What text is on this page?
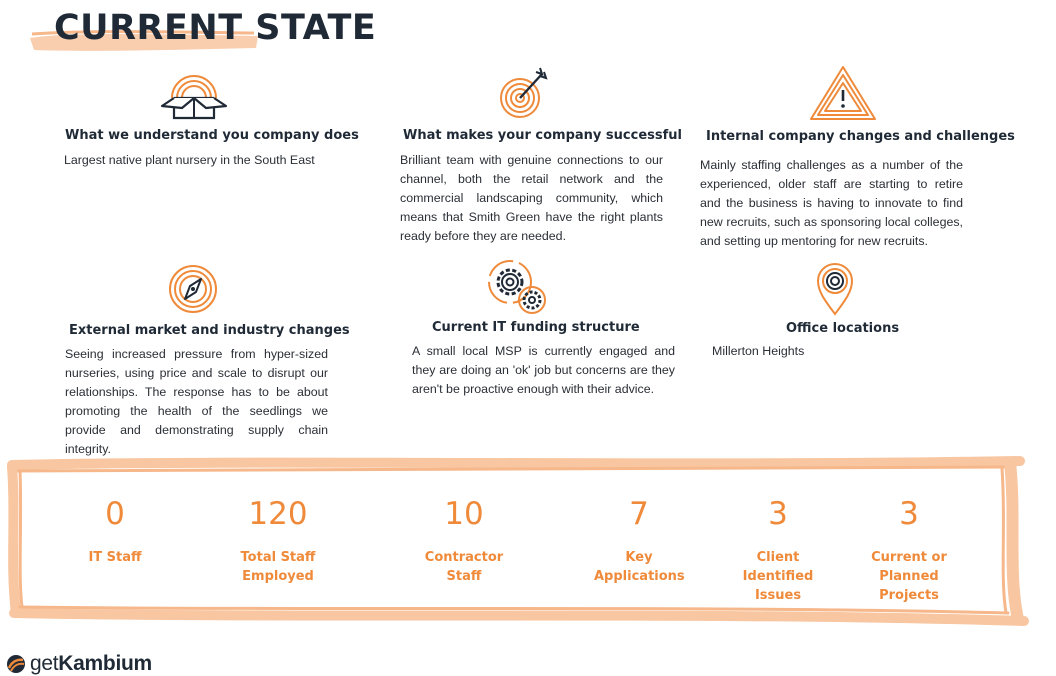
CURRENT STATE
What we understand you company does

Largest native plant nursery in the South East

What makes your company successful

Brilliant team with genuine connections to our channel, both the retail network and the commercial landscaping community, which means that Smith Green have the right plants ready before they are needed.

Internal company changes and challenges

Mainly staffing challenges as a number of the experienced, older staff are starting to retire and the business is having to innovate to find new recruits, such as sponsoring local colleges, and setting up mentoring for new recruits.

External market and industry changes

Seeing increased pressure from hyper-sized nurseries, using price and scale to disrupt our relationships. The response has to be about promoting the health of the seedlings we provide and demonstrating supply chain integrity.

Current IT funding structure

A small local MSP is currently engaged and they are doing an 'ok' job but concerns are they aren't be proactive enough with their advice.

Office locations

Millerton Heights

0

IT Staff

120

Total Staff Employed

10

Contractor Staff

7

Key Applications

3

Client Identified Issues

3

Current or Planned Projects

getKambium
